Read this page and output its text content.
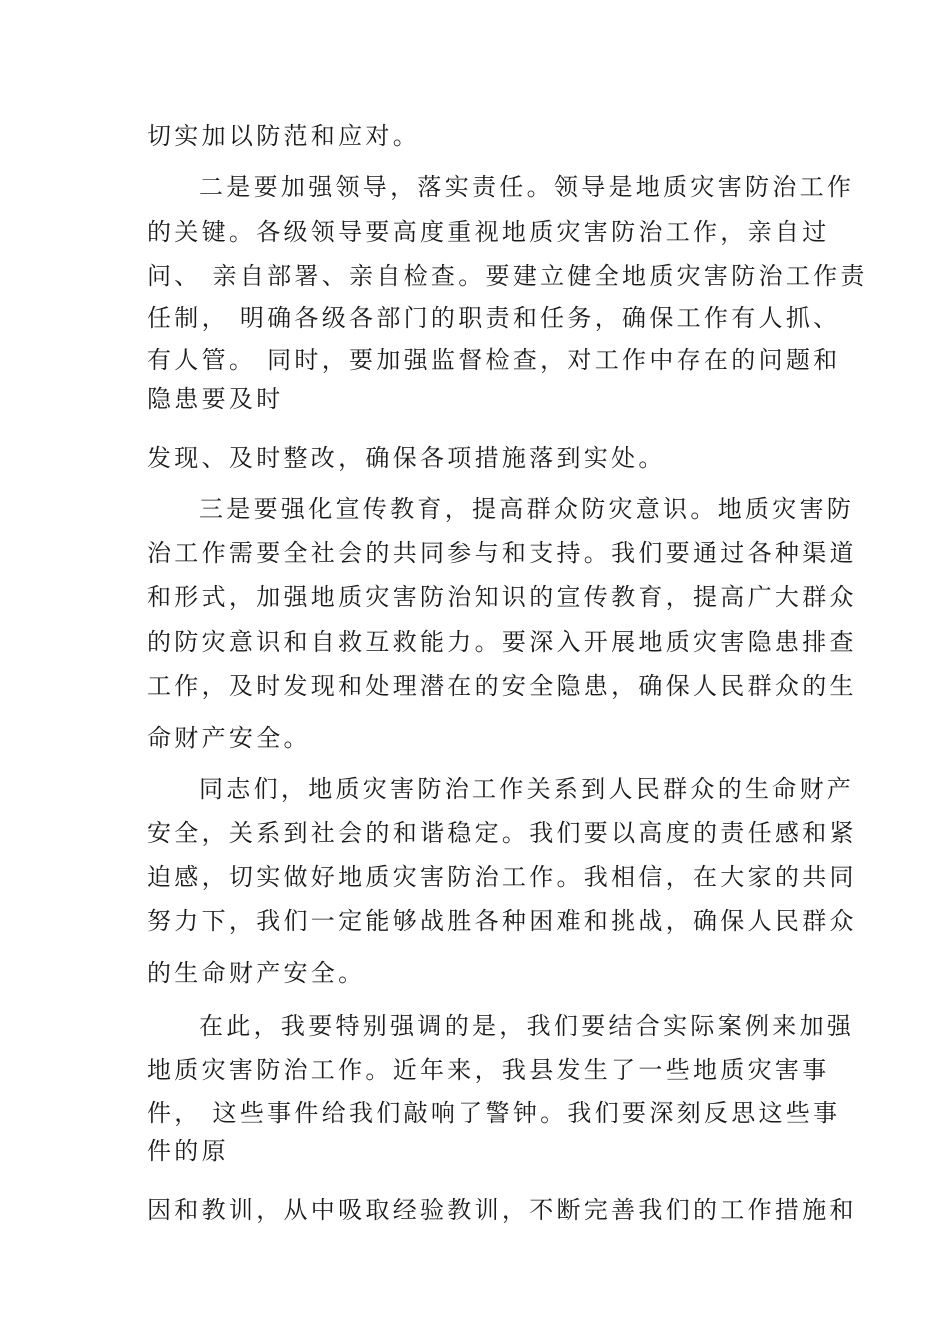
切实加以防范和应对。
二是要加强领导，落实责任。领导是地质灾害防治工作
的关键。各级领导要高度重视地质灾害防治工作，亲自过
问、 亲自部署、亲自检查。要建立健全地质灾害防治工作责
任制， 明确各级各部门的职责和任务，确保工作有人抓、
有人管。 同时，要加强监督检查，对工作中存在的问题和
隐患要及时
发现、及时整改，确保各项措施落到实处。
三是要强化宣传教育，提高群众防灾意识。地质灾害防
治工作需要全社会的共同参与和支持。我们要通过各种渠道
和形式，加强地质灾害防治知识的宣传教育，提高广大群众
的防灾意识和自救互救能力。要深入开展地质灾害隐患排查
工作，及时发现和处理潜在的安全隐患，确保人民群众的生
命财产安全。
同志们，地质灾害防治工作关系到人民群众的生命财产
安全，关系到社会的和谐稳定。我们要以高度的责任感和紧
迫感，切实做好地质灾害防治工作。我相信，在大家的共同
努力下，我们一定能够战胜各种困难和挑战，确保人民群众
的生命财产安全。
在此，我要特别强调的是，我们要结合实际案例来加强
地质灾害防治工作。近年来，我县发生了一些地质灾害事
件， 这些事件给我们敲响了警钟。我们要深刻反思这些事
件的原
因和教训，从中吸取经验教训，不断完善我们的工作措施和
